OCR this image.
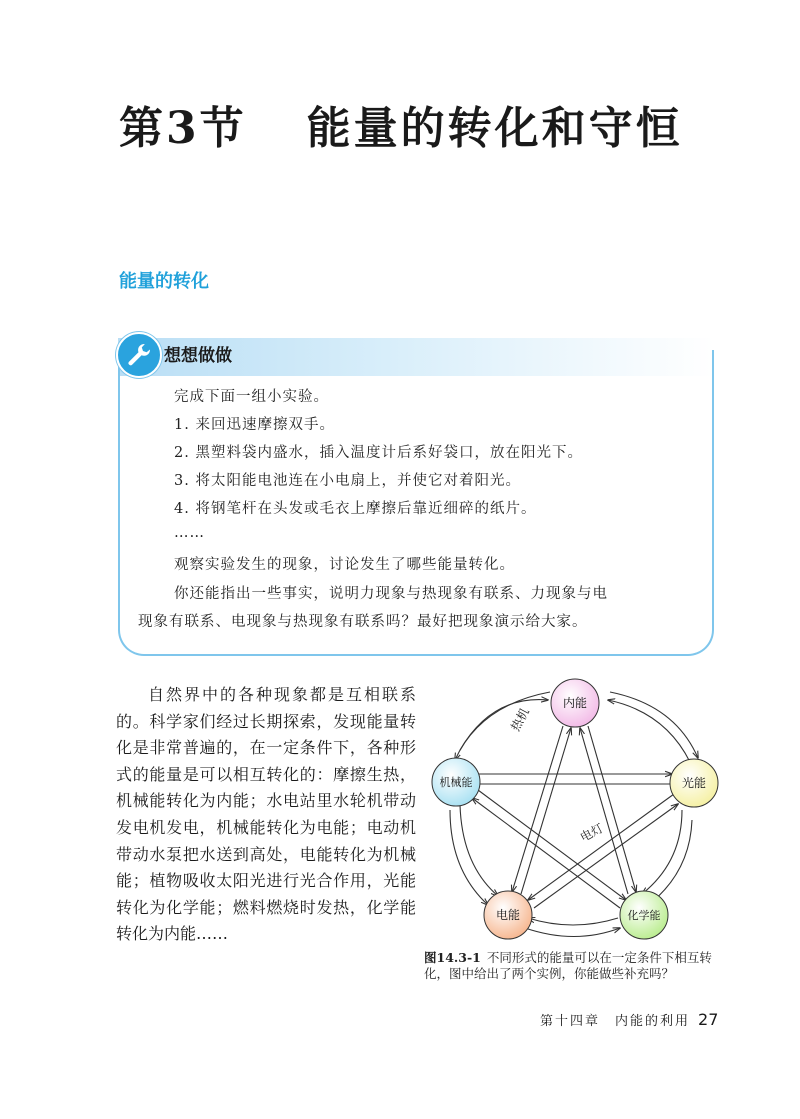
第3节 能量的转化和守恒
能量的转化
想想做做
完成下面一组小实验。
1. 来回迅速摩擦双手。
2. 黑塑料袋内盛水，插入温度计后系好袋口，放在阳光下。
3. 将太阳能电池连在小电扇上，并使它对着阳光。
4. 将钢笔杆在头发或毛衣上摩擦后靠近细碎的纸片。
……
观察实验发生的现象，讨论发生了哪些能量转化。
你还能指出一些事实，说明力现象与热现象有联系、力现象与电
现象有联系、电现象与热现象有联系吗？最好把现象演示给大家。

自然界中的各种现象都是互相联系的。科学家们经过长期探索，发现能量转化是非常普遍的，在一定条件下，各种形式的能量是可以相互转化的：摩擦生热，机械能转化为内能；水电站里水轮机带动发电机发电，机械能转化为电能；电动机带动水泵把水送到高处，电能转化为机械能；植物吸收太阳光进行光合作用，光能转化为化学能；燃料燃烧时发热，化学能转化为内能……

热机
电灯
内能
光能
化学能
电能
机械能
图14.3-1 不同形式的能量可以在一定条件下相互转化，图中给出了两个实例，你能做些补充吗？
第十四章　内能的利用 27
